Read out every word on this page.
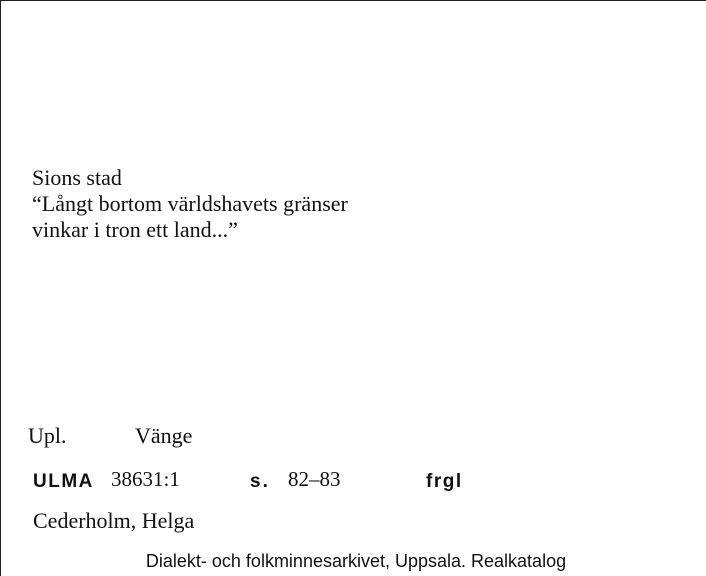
Sions stad
“Långt bortom världshavets gränser
vinkar i tron ett land...”
Upl.	Vänge
ULMA 38631:1	s. 82–83	frgl
Cederholm, Helga
Dialekt- och folkminnesarkivet, Uppsala. Realkatalog
